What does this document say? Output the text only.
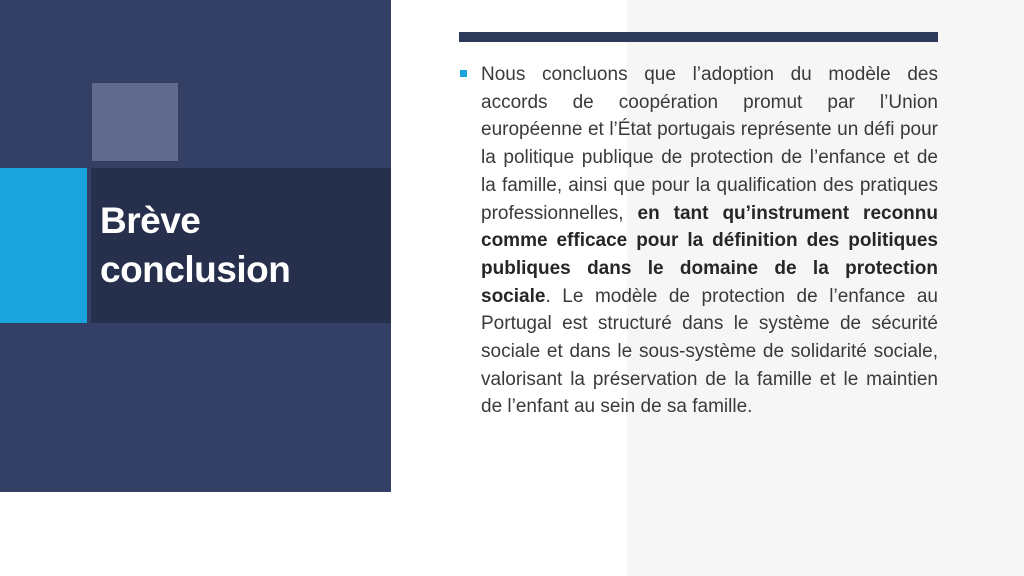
Brève conclusion

Nous concluons que l’adoption du modèle des accords de coopération promut par l’Union européenne et l’État portugais représente un défi pour la politique publique de protection de l’enfance et de la famille, ainsi que pour la qualification des pratiques professionnelles, en tant qu’instrument reconnu comme efficace pour la définition des politiques publiques dans le domaine de la protection sociale. Le modèle de protection de l’enfance au Portugal est structuré dans le système de sécurité sociale et dans le sous-système de solidarité sociale, valorisant la préservation de la famille et le maintien de l’enfant au sein de sa famille.
